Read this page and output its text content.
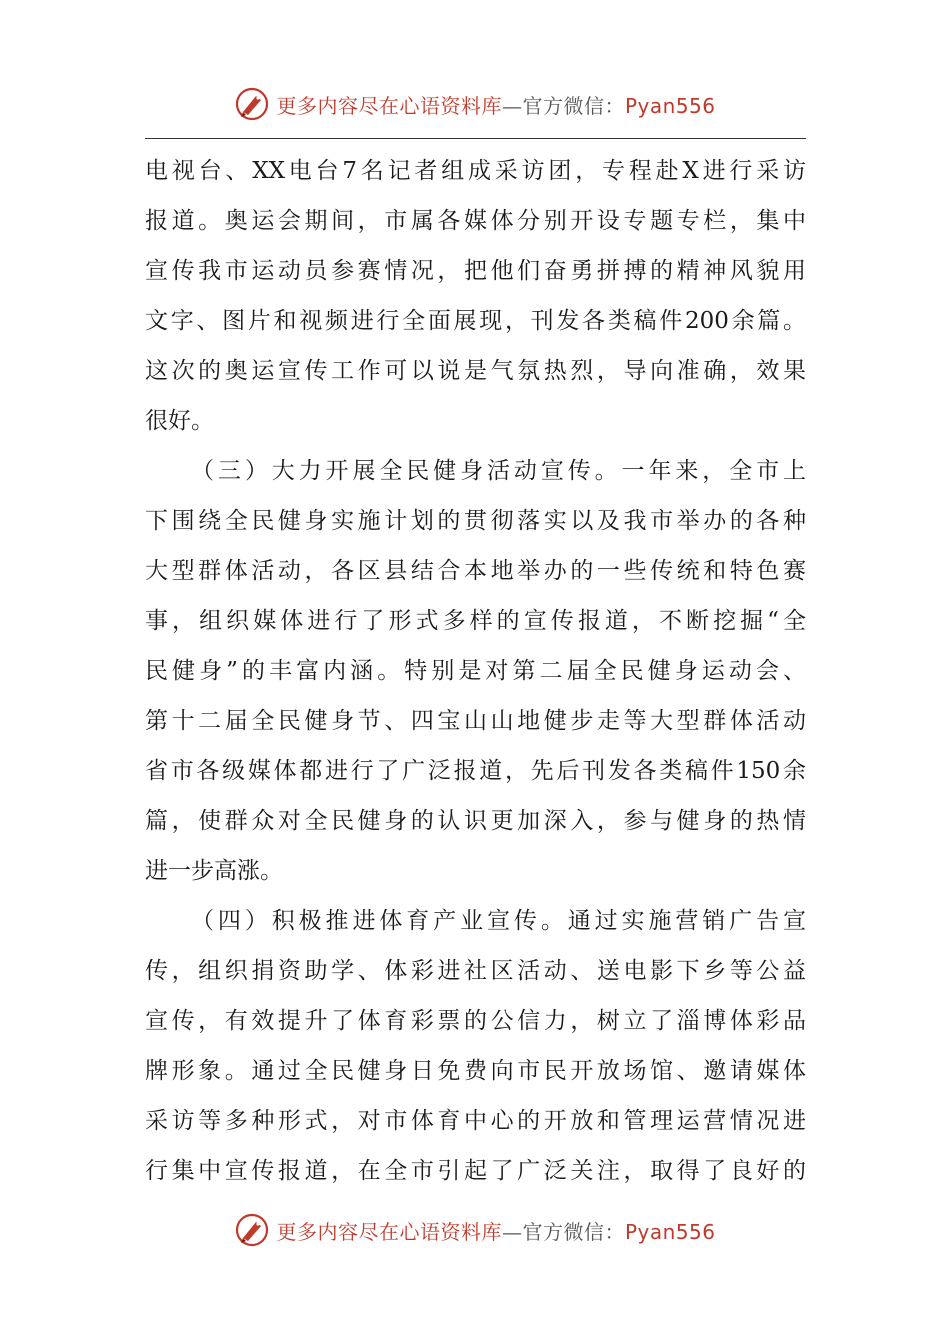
更多内容尽在心语资料库—官方微信：Pyan556
电视台、XX电台7名记者组成采访团，专程赴X进行采访
报道。奥运会期间，市属各媒体分别开设专题专栏，集中
宣传我市运动员参赛情况，把他们奋勇拼搏的精神风貌用
文字、图片和视频进行全面展现，刊发各类稿件200余篇。
这次的奥运宣传工作可以说是气氛热烈，导向准确，效果
很好。
（三）大力开展全民健身活动宣传。一年来，全市上
下围绕全民健身实施计划的贯彻落实以及我市举办的各种
大型群体活动，各区县结合本地举办的一些传统和特色赛
事，组织媒体进行了形式多样的宣传报道，不断挖掘“全
民健身”的丰富内涵。特别是对第二届全民健身运动会、
第十二届全民健身节、四宝山山地健步走等大型群体活动
省市各级媒体都进行了广泛报道，先后刊发各类稿件150余
篇，使群众对全民健身的认识更加深入，参与健身的热情
进一步高涨。
（四）积极推进体育产业宣传。通过实施营销广告宣
传，组织捐资助学、体彩进社区活动、送电影下乡等公益
宣传，有效提升了体育彩票的公信力，树立了淄博体彩品
牌形象。通过全民健身日免费向市民开放场馆、邀请媒体
采访等多种形式，对市体育中心的开放和管理运营情况进
行集中宣传报道，在全市引起了广泛关注，取得了良好的
更多内容尽在心语资料库—官方微信：Pyan556
